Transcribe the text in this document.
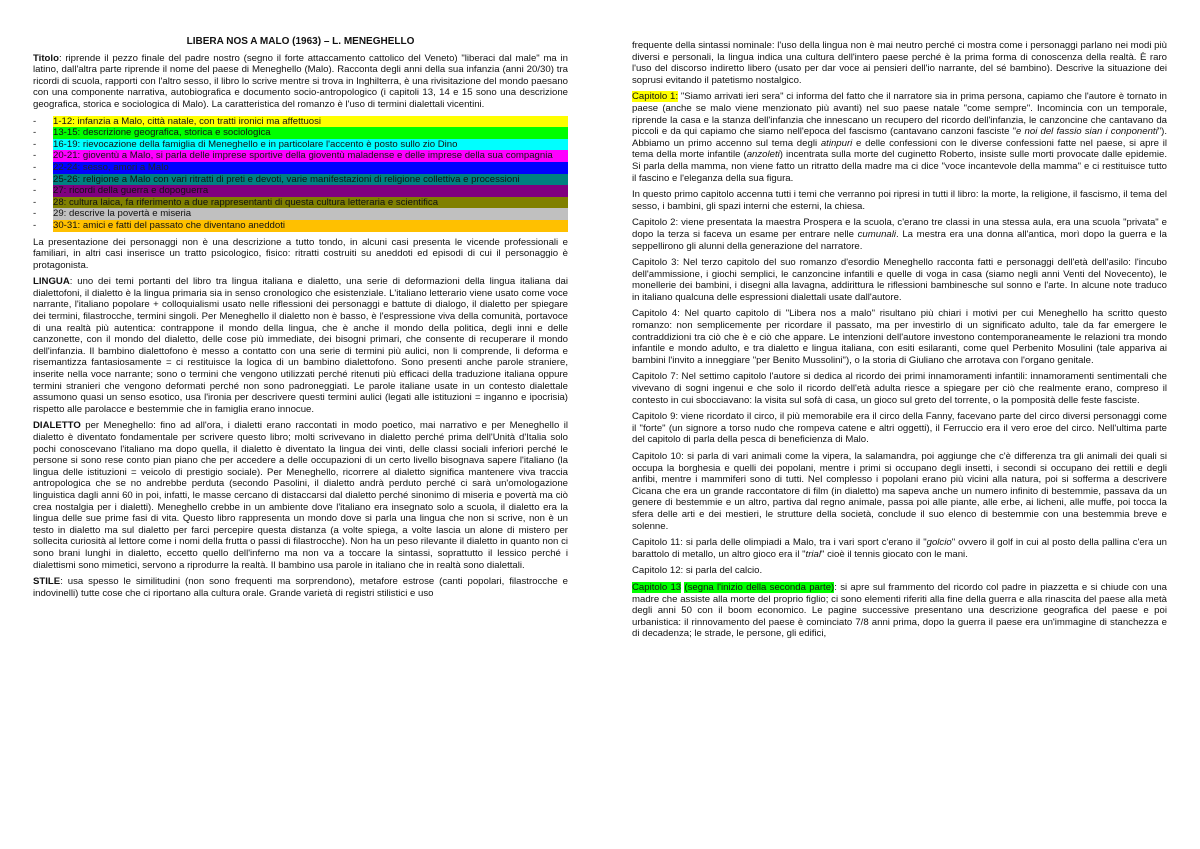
LIBERA NOS A MALO (1963) – L. MENEGHELLO

Titolo: riprende il pezzo finale del padre nostro (segno il forte attaccamento cattolico del Veneto) "liberaci dal male" ma in latino, dall'altra parte riprende il nome del paese di Meneghello (Malo). Racconta degli anni della sua infanzia (anni 20/30) tra ricordi di scuola, rapporti con l'altro sesso, il libro lo scrive mentre si trova in Inghilterra, è una rivisitazione del mondo paesano con una componente narrativa, autobiografica e documento socio-antropologico (i capitoli 13, 14 e 15 sono una descrizione geografica, storica e sociologica di Malo). La caratteristica del romanzo è l'uso di termini dialettali vicentini.

- 1-12: infanzia a Malo, città natale, con tratti ironici ma affettuosi
- 13-15: descrizione geografica, storica e sociologica
- 16-19: rievocazione della famiglia di Meneghello e in particolare l'accento è posto sullo zio Dino
- 20-21: gioventù a Malo, si parla delle imprese sportive della gioventù maladense e delle imprese della sua compagnia
- 22-24: sesso, amori a Malo
- 25-26: religione a Malo con vari ritratti di preti e devoti, varie manifestazioni di religione collettiva e processioni
- 27: ricordi della guerra e dopoguerra
- 28: cultura laica, fa riferimento a due rappresentanti di questa cultura letteraria e scientifica
- 29: descrive la povertà e miseria
- 30-31: amici e fatti del passato che diventano aneddoti

La presentazione dei personaggi non è una descrizione a tutto tondo, in alcuni casi presenta le vicende professionali e familiari, in altri casi inserisce un tratto psicologico, fisico: ritratti costruiti su aneddoti ed episodi di cui il personaggio è protagonista.

LINGUA: uno dei temi portanti del libro tra lingua italiana e dialetto, una serie di deformazioni della lingua italiana dai dialettofoni, il dialetto è la lingua primaria sia in senso cronologico che esistenziale. L'italiano letterario viene usato come voce narrante, l'italiano popolare + colloquialismi usato nelle riflessioni dei personaggi e battute di dialogo, il dialetto per spiegare dei termini, filastrocche, termini singoli. Per Meneghello il dialetto non è basso, è l'espressione viva della comunità, portavoce di una realtà più autentica: contrappone il mondo della lingua, che è anche il mondo della politica, degli inni e delle canzonette, con il mondo del dialetto, delle cose più immediate, dei bisogni primari, che consente di recuperare il mondo dell'infanzia. Il bambino dialettofono è messo a contatto con una serie di termini più aulici, non li comprende, li deforma e risemantizza fantasiosamente = ci restituisce la logica di un bambino dialettofono. Sono presenti anche parole straniere, inserite nella voce narrante; sono o termini che vengono utilizzati perché ritenuti più efficaci della traduzione italiana oppure termini stranieri che vengono deformati perché non sono padroneggiati. Le parole italiane usate in un contesto dialettale assumono quasi un senso esotico, usa l'ironia per descrivere questi termini aulici (legati alle istituzioni = inganno e ipocrisia) rispetto alle parolacce e bestemmie che in famiglia erano innocue.

DIALETTO per Meneghello: fino ad all'ora, i dialetti erano raccontati in modo poetico, mai narrativo e per Meneghello il dialetto è diventato fondamentale per scrivere questo libro; molti scrivevano in dialetto perché prima dell'Unità d'Italia solo pochi conoscevano l'italiano ma dopo quella, il dialetto è diventato la lingua dei vinti, delle classi sociali inferiori perché le persone si sono rese conto pian piano che per accedere a delle occupazioni di un certo livello bisognava sapere l'italiano (la lingua delle istituzioni = veicolo di prestigio sociale). Per Meneghello, ricorrere al dialetto significa mantenere viva traccia antropologica che se no andrebbe perduta (secondo Pasolini, il dialetto andrà perduto perché ci sarà un'omologazione linguistica dagli anni 60 in poi, infatti, le masse cercano di distaccarsi dal dialetto perché sinonimo di miseria e povertà ma ciò crea nostalgia per i dialetti). Meneghello crebbe in un ambiente dove l'italiano era insegnato solo a scuola, il dialetto era la lingua delle sue prime fasi di vita. Questo libro rappresenta un mondo dove si parla una lingua che non si scrive, non è un testo in dialetto ma sul dialetto per farci percepire questa distanza (a volte spiega, a volte lascia un alone di mistero per sollecita curiosità al lettore come i nomi della frutta o passi di filastrocche). Non ha un peso rilevante il dialetto in quanto non ci sono brani lunghi in dialetto, eccetto quello dell'inferno ma non va a toccare la sintassi, soprattutto il lessico perché i dialettismi sono mimetici, servono a riprodurre la realtà. Il bambino usa parole in italiano che in realtà sono dialettali.

STILE: usa spesso le similitudini (non sono frequenti ma sorprendono), metafore estrose (canti popolari, filastrocche e indovinelli) tutte cose che ci riportano alla cultura orale. Grande varietà di registri stilistici e uso

frequente della sintassi nominale: l'uso della lingua non è mai neutro perché ci mostra come i personaggi parlano nei modi più diversi e personali, la lingua indica una cultura dell'intero paese perché è la prima forma di conoscenza della realtà. È raro l'uso del discorso indiretto libero (usato per dar voce ai pensieri dell'io narrante, del sé bambino). Descrive la situazione dei soprusi evitando il patetismo nostalgico.

Capitolo 1: "Siamo arrivati ieri sera" ci informa del fatto che il narratore sia in prima persona, capiamo che l'autore è tornato in paese (anche se malo viene menzionato più avanti) nel suo paese natale "come sempre". Incomincia con un temporale, riprende la casa e la stanza dell'infanzia che innescano un recupero del ricordo dell'infanzia, le canzoncine che cantavano da piccoli e da qui capiamo che siamo nell'epoca del fascismo (cantavano canzoni fasciste "e noi del fassio sian i conponenti"). Abbiamo un primo accenno sul tema degli atinpuri e delle confessioni con le diverse confessioni fatte nel paese, si apre il tema della morte infantile (anzoleti) incentrata sulla morte del cuginetto Roberto, insiste sulle morti provocate dalle epidemie. Si parla della mamma, non viene fatto un ritratto della madre ma ci dice "voce incantevole della mamma" e ci restituisce tutto il fascino e l'eleganza della sua figura.

In questo primo capitolo accenna tutti i temi che verranno poi ripresi in tutti il libro: la morte, la religione, il fascismo, il tema del sesso, i bambini, gli spazi interni che esterni, la chiesa.

Capitolo 2: viene presentata la maestra Prospera e la scuola, c'erano tre classi in una stessa aula, era una scuola "privata" e dopo la terza si faceva un esame per entrare nelle cumunali. La mestra era una donna all'antica, morì dopo la guerra e la seppellirono gli alunni della generazione del narratore.

Capitolo 3: Nel terzo capitolo del suo romanzo d'esordio Meneghello racconta fatti e personaggi dell'età dell'asilo: l'incubo dell'ammissione, i giochi semplici, le canzoncine infantili e quelle di voga in casa (siamo negli anni Venti del Novecento), le monellerie dei bambini, i disegni alla lavagna, addirittura le riflessioni bambinesche sul sonno e l'arte. In alcune note traduco in italiano qualcuna delle espressioni dialettali usate dall'autore.

Capitolo 4: Nel quarto capitolo di "Libera nos a malo" risultano più chiari i motivi per cui Meneghello ha scritto questo romanzo: non semplicemente per ricordare il passato, ma per investirlo di un significato adulto, tale da far emergere le contraddizioni tra ciò che è e ciò che appare. Le intenzioni dell'autore investono contemporaneamente le relazioni tra mondo infantile e mondo adulto, e tra dialetto e lingua italiana, con esiti esilaranti, come quel Perbenito Mosulini (tale appariva ai bambini l'invito a inneggiare "per Benito Mussolini"), o la storia di Giuliano che arrotava con l'organo genitale.

Capitolo 7: Nel settimo capitolo l'autore si dedica al ricordo dei primi innamoramenti infantili: innamoramenti sentimentali che vivevano di sogni ingenui e che solo il ricordo dell'età adulta riesce a spiegare per ciò che realmente erano, compreso il contesto in cui sbocciavano: la visita sul sofà di casa, un gioco sul greto del torrente, o la pomposità delle feste fasciste.

Capitolo 9: viene ricordato il circo, il più memorabile era il circo della Fanny, facevano parte del circo diversi personaggi come il "forte" (un signore a torso nudo che rompeva catene e altri oggetti), il Ferruccio era il vero eroe del circo. Nell'ultima parte del capitolo di parla della pesca di beneficienza di Malo.

Capitolo 10: si parla di vari animali come la vipera, la salamandra, poi aggiunge che c'è differenza tra gli animali dei quali si occupa la borghesia e quelli dei popolani, mentre i primi si occupano degli insetti, i secondi si occupano dei rettili e degli anfibi, mentre i mammiferi sono di tutti. Nel complesso i popolani erano più vicini alla natura, poi si sofferma a descrivere Cicana che era un grande raccontatore di film (in dialetto) ma sapeva anche un numero infinito di bestemmie, passava da un genere di bestemmie e un altro, partiva dal regno animale, passa poi alle piante, alle erbe, ai licheni, alle muffe, poi tocca la sfera delle arti e dei mestieri, le strutture della società, conclude il suo elenco di bestemmie con una bestemmia breve e solenne.

Capitolo 11: si parla delle olimpiadi a Malo, tra i vari sport c'erano il "golcio" ovvero il golf in cui al posto della pallina c'era un barattolo di metallo, un altro gioco era il "trial" cioè il tennis giocato con le mani.

Capitolo 12: si parla del calcio.

Capitolo 13 (segna l'inizio della seconda parte): si apre sul frammento del ricordo col padre in piazzetta e si chiude con una madre che assiste alla morte del proprio figlio; ci sono elementi riferiti alla fine della guerra e alla rinascita del paese alla metà degli anni 50 con il boom economico. Le pagine successive presentano una descrizione geografica del paese e poi urbanistica: il rinnovamento del paese è cominciato 7/8 anni prima, dopo la guerra il paese era un'immagine di stanchezza e di decadenza; le strade, le persone, gli edifici,
